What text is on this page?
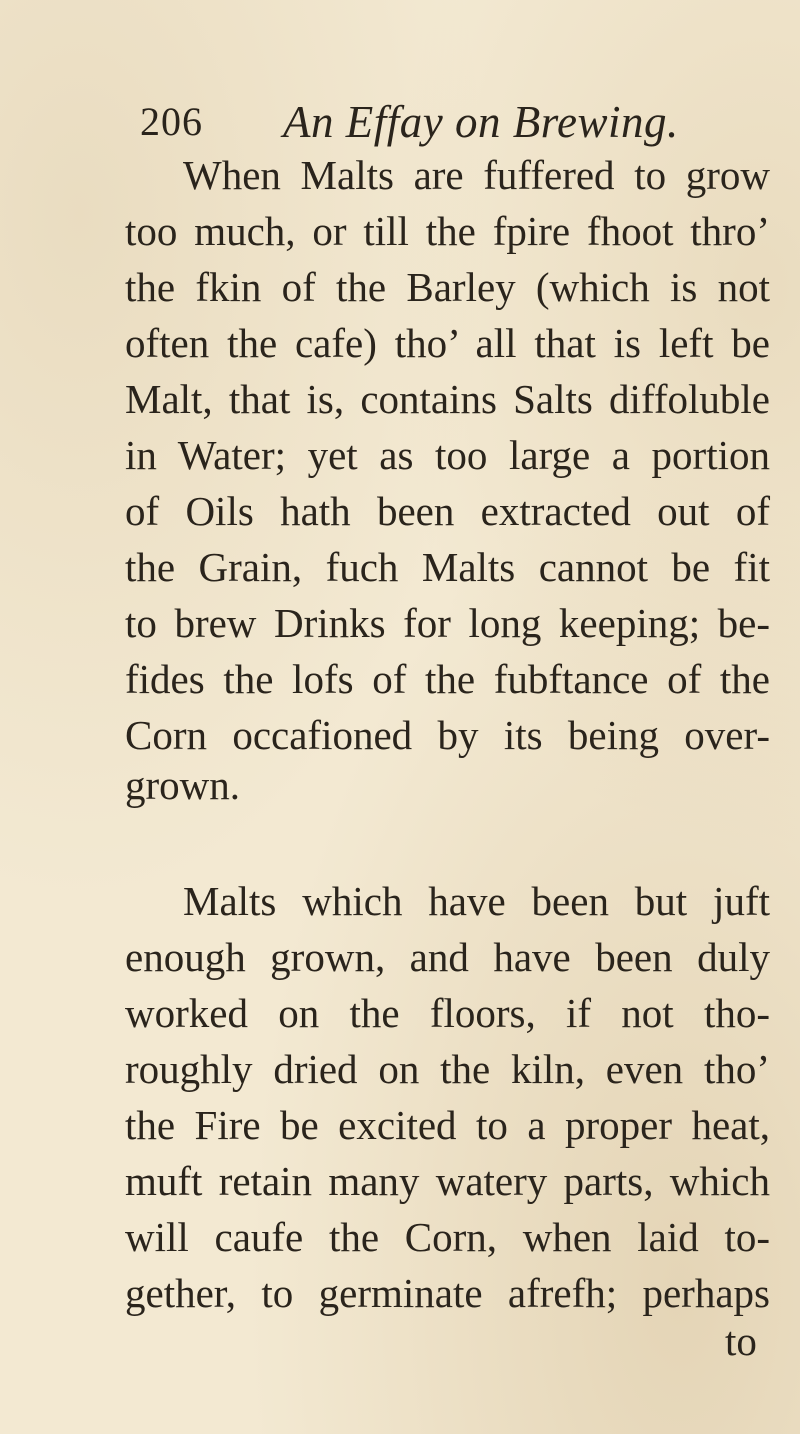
206 An Effay on Brewing.
When Malts are fuffered to grow
too much, or till the fpire fhoot thro’
the fkin of the Barley (which is not
often the cafe) tho’ all that is left be
Malt, that is, contains Salts diffoluble
in Water; yet as too large a portion
of Oils hath been extracted out of
the Grain, fuch Malts cannot be fit
to brew Drinks for long keeping; be-
fides the lofs of the fubftance of the
Corn occafioned by its being over-
grown.
Malts which have been but juft
enough grown, and have been duly
worked on the floors, if not tho-
roughly dried on the kiln, even tho’
the Fire be excited to a proper heat,
muft retain many watery parts, which
will caufe the Corn, when laid to-
gether, to germinate afrefh; perhaps
to
